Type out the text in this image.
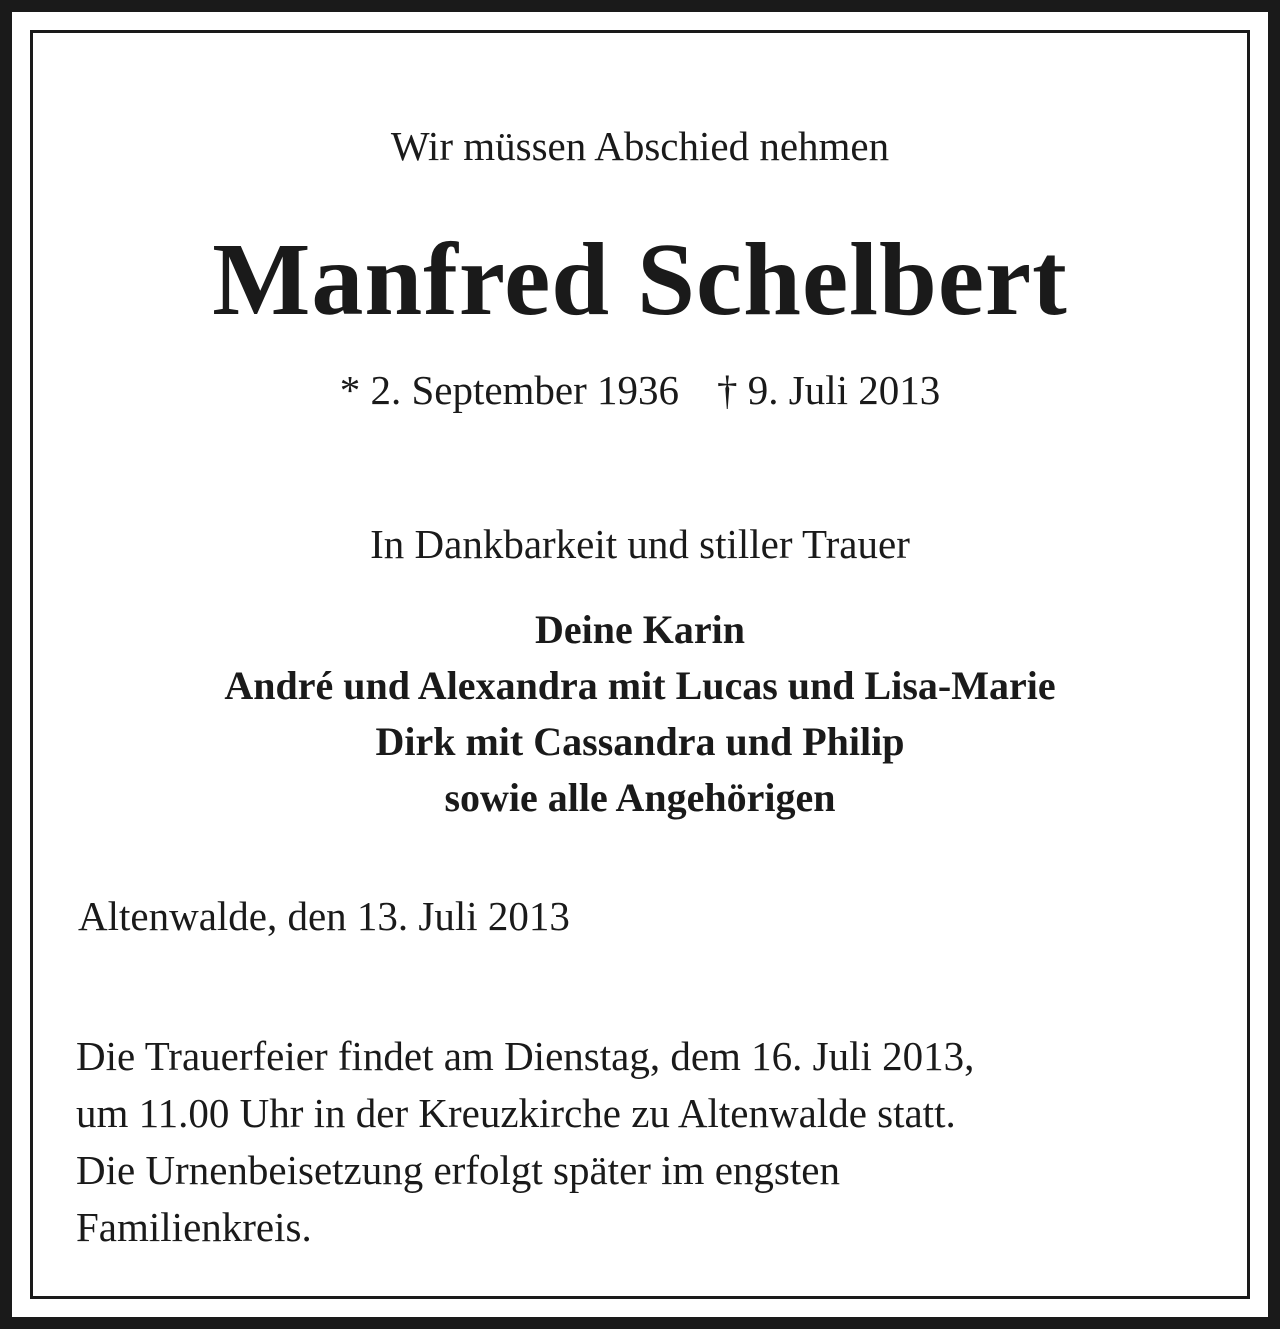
Wir müssen Abschied nehmen
Manfred Schelbert
* 2. September 1936 † 9. Juli 2013
In Dankbarkeit und stiller Trauer
Deine Karin
André und Alexandra mit Lucas und Lisa-Marie
Dirk mit Cassandra und Philip
sowie alle Angehörigen
Altenwalde, den 13. Juli 2013
Die Trauerfeier findet am Dienstag, dem 16. Juli 2013,
um 11.00 Uhr in der Kreuzkirche zu Altenwalde statt.
Die Urnenbeisetzung erfolgt später im engsten
Familienkreis.
